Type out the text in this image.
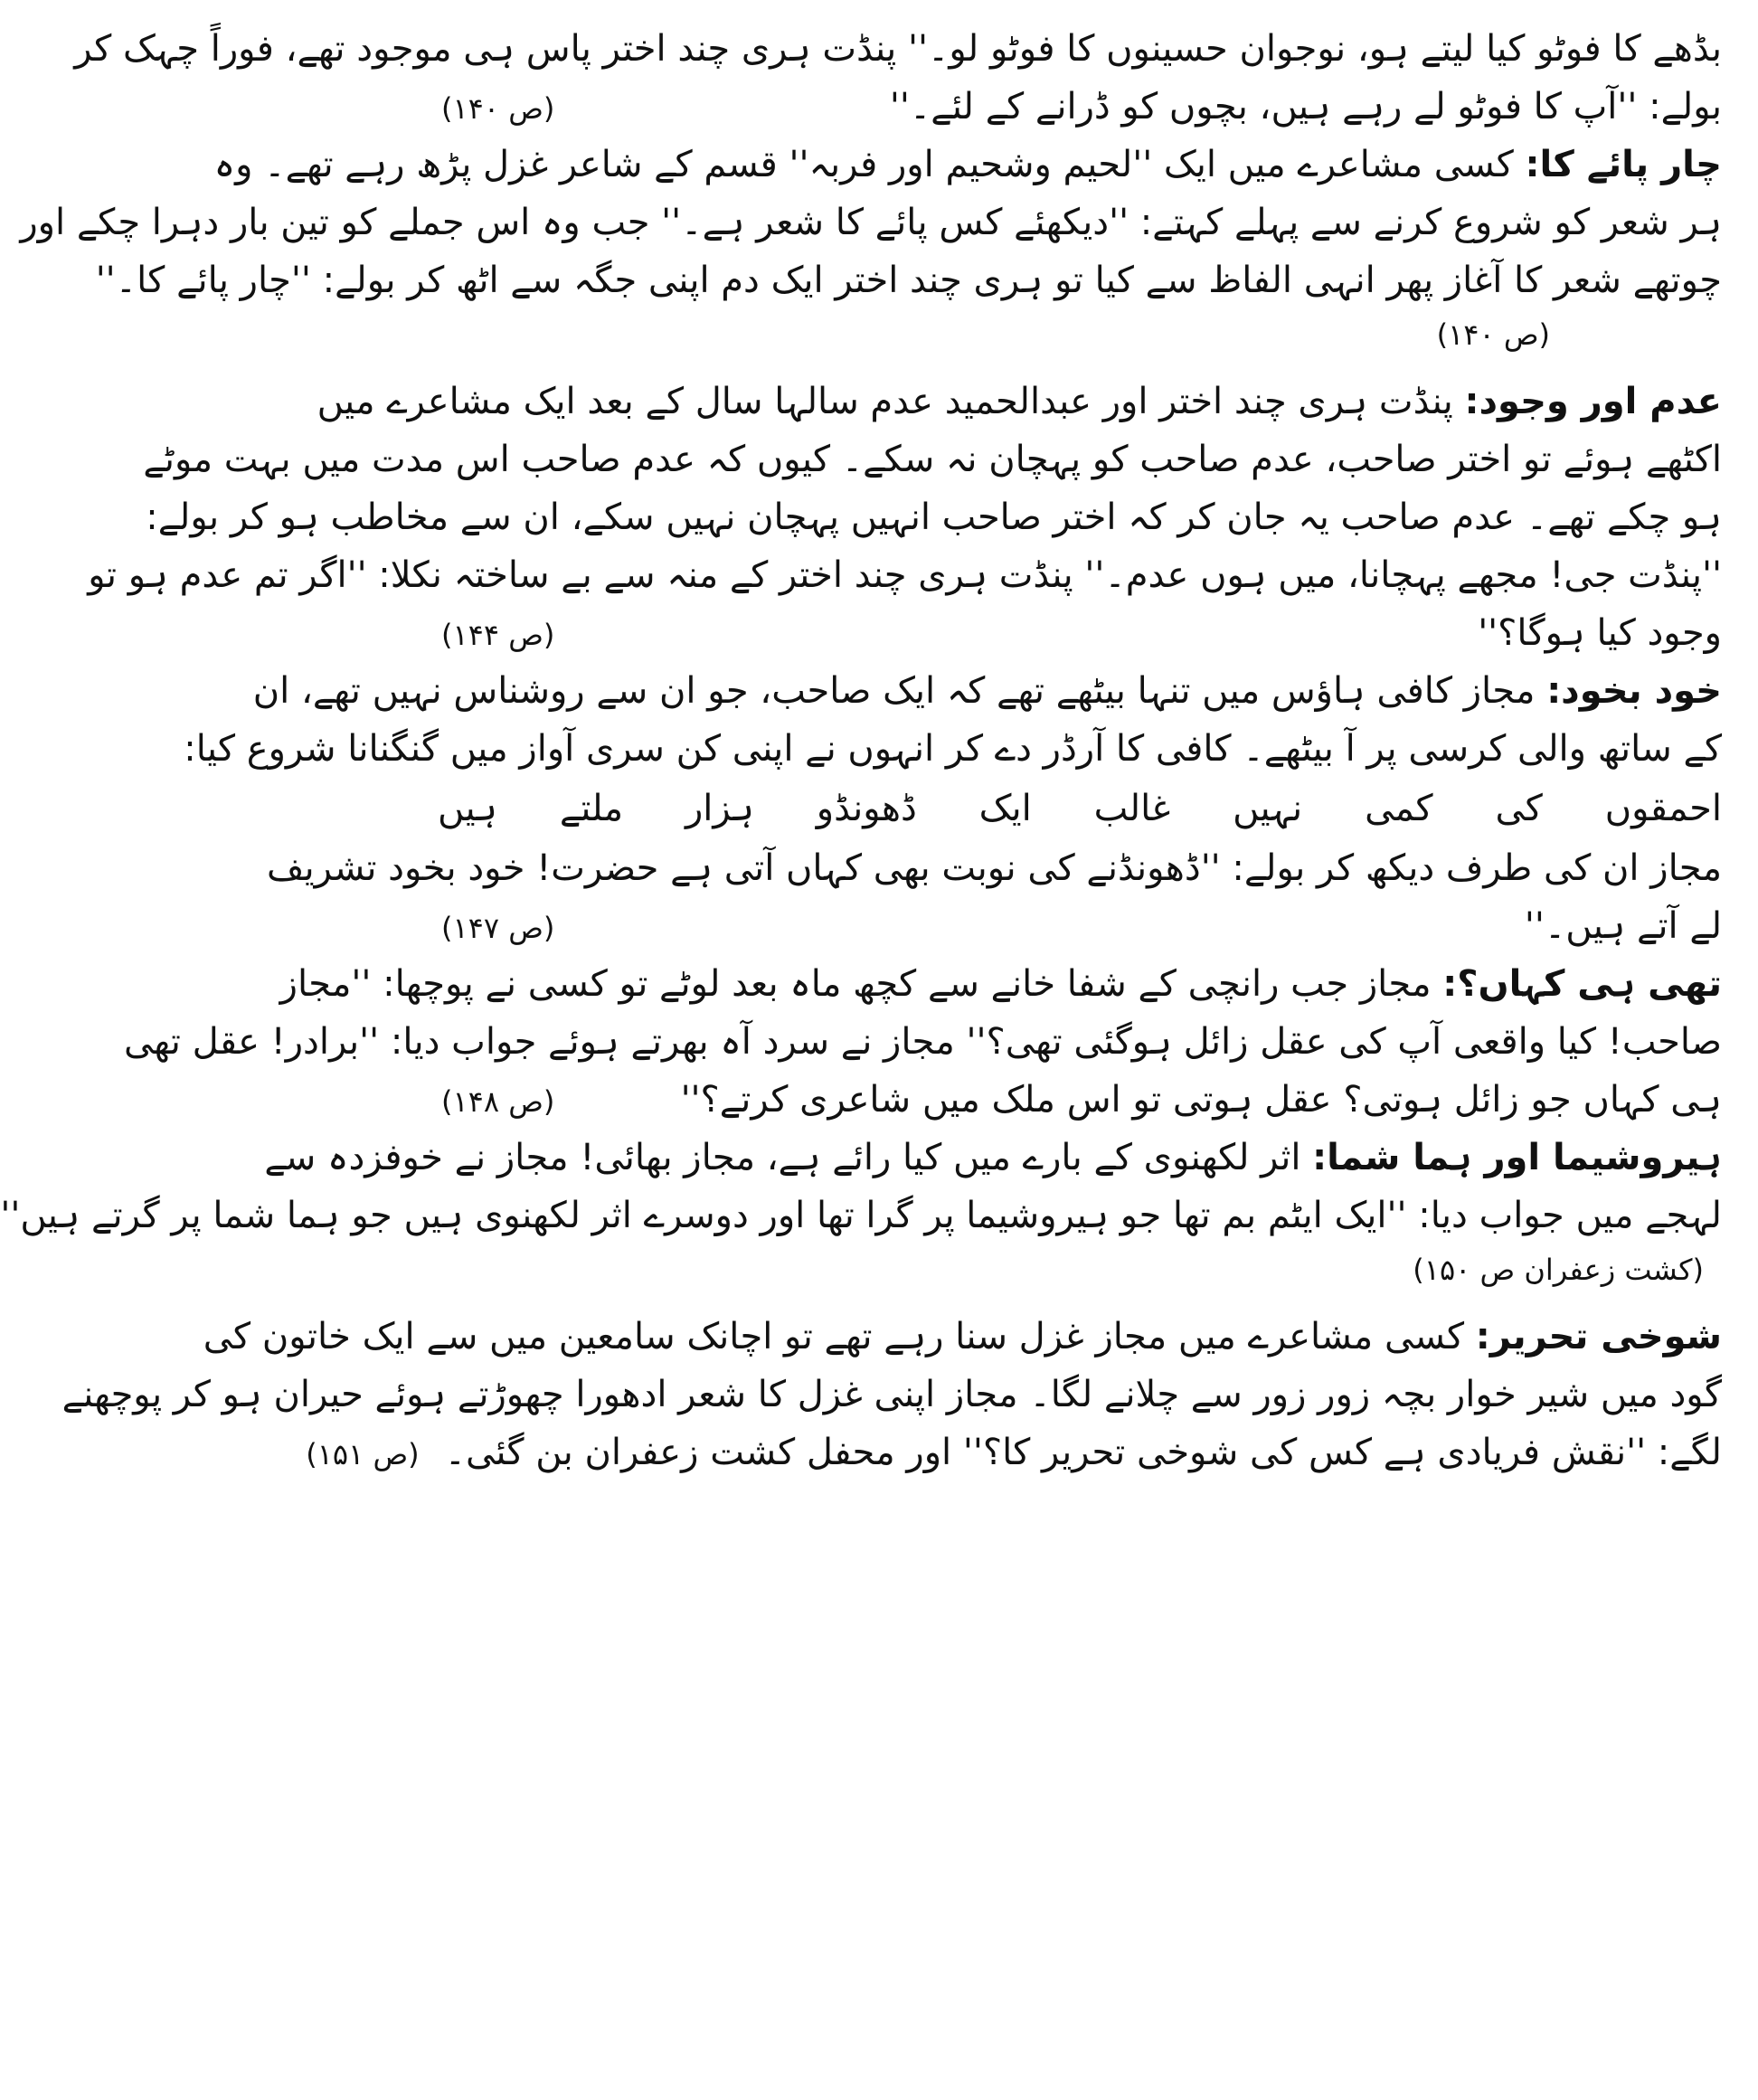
بڈھے کا فوٹو کیا لیتے ہو، نوجوان حسینوں کا فوٹو لو۔'' پنڈت ہری چند اختر پاس ہی موجود تھے، فوراً چہک کر
بولے: ''آپ کا فوٹو لے رہے ہیں، بچوں کو ڈرانے کے لئے۔''
(ص ۱۴۰)
چار پائے کا: کسی مشاعرے میں ایک ''لحیم وشحیم اور فربہ'' قسم کے شاعر غزل پڑھ رہے تھے۔ وہ
ہر شعر کو شروع کرنے سے پہلے کہتے: ''دیکھئے کس پائے کا شعر ہے۔'' جب وہ اس جملے کو تین بار دہرا چکے اور
چوتھے شعر کا آغاز پھر انہی الفاظ سے کیا تو ہری چند اختر ایک دم اپنی جگہ سے اٹھ کر بولے: ''چار پائے کا۔''
(ص ۱۴۰)
عدم اور وجود: پنڈت ہری چند اختر اور عبدالحمید عدم سالہا سال کے بعد ایک مشاعرے میں
اکٹھے ہوئے تو اختر صاحب، عدم صاحب کو پہچان نہ سکے۔ کیوں کہ عدم صاحب اس مدت میں بہت موٹے
ہو چکے تھے۔ عدم صاحب یہ جان کر کہ اختر صاحب انہیں پہچان نہیں سکے، ان سے مخاطب ہو کر بولے:
''پنڈت جی! مجھے پہچانا، میں ہوں عدم۔'' پنڈت ہری چند اختر کے منہ سے بے ساختہ نکلا: ''اگر تم عدم ہو تو
وجود کیا ہوگا؟''
(ص ۱۴۴)
خود بخود: مجاز کافی ہاؤس میں تنہا بیٹھے تھے کہ ایک صاحب، جو ان سے روشناس نہیں تھے، ان
کے ساتھ والی کرسی پر آ بیٹھے۔ کافی کا آرڈر دے کر انہوں نے اپنی کن سری آواز میں گنگنانا شروع کیا:
احمقوں
کی
کمی
نہیں
غالب
ایک
ڈھونڈو
ہزار
ملتے
ہیں
مجاز ان کی طرف دیکھ کر بولے: ''ڈھونڈنے کی نوبت بھی کہاں آتی ہے حضرت! خود بخود تشریف
لے آتے ہیں۔''
(ص ۱۴۷)
تھی ہی کہاں؟: مجاز جب رانچی کے شفا خانے سے کچھ ماہ بعد لوٹے تو کسی نے پوچھا: ''مجاز
صاحب! کیا واقعی آپ کی عقل زائل ہوگئی تھی؟'' مجاز نے سرد آہ بھرتے ہوئے جواب دیا: ''برادر! عقل تھی
ہی کہاں جو زائل ہوتی؟ عقل ہوتی تو اس ملک میں شاعری کرتے؟''
(ص ۱۴۸)
ہیروشیما اور ہما شما: اثر لکھنوی کے بارے میں کیا رائے ہے، مجاز بھائی! مجاز نے خوفزدہ سے
لہجے میں جواب دیا: ''ایک ایٹم بم تھا جو ہیروشیما پر گرا تھا اور دوسرے اثر لکھنوی ہیں جو ہما شما پر گرتے ہیں''
(کشت زعفران ص ۱۵۰)
شوخی تحریر: کسی مشاعرے میں مجاز غزل سنا رہے تھے تو اچانک سامعین میں سے ایک خاتون کی
گود میں شیر خوار بچہ زور زور سے چلانے لگا۔ مجاز اپنی غزل کا شعر ادھورا چھوڑتے ہوئے حیران ہو کر پوچھنے
لگے: ''نقش فریادی ہے کس کی شوخی تحریر کا؟'' اور محفل کشت زعفران بن گئی۔
(ص ۱۵۱)
